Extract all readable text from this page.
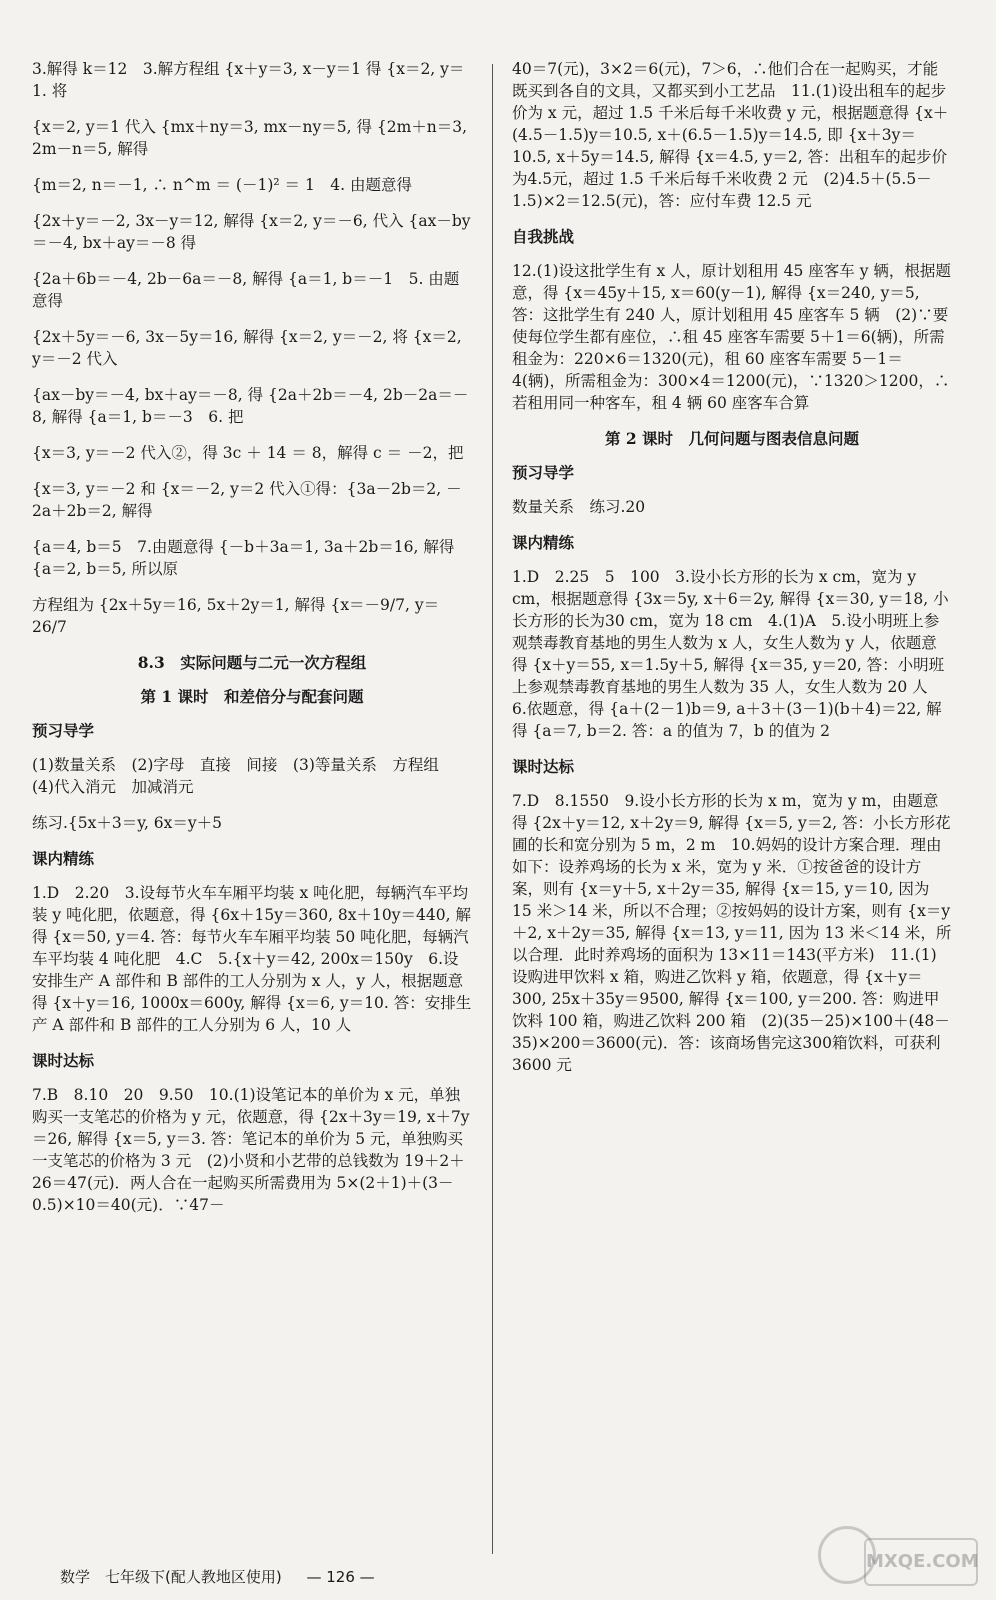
3.解得 k＝12　3.解方程组 {x＋y＝3, x－y＝1 得 {x＝2, y＝1. 将

{x＝2, y＝1 代入 {mx＋ny＝3, mx－ny＝5, 得 {2m＋n＝3, 2m－n＝5, 解得

{m＝2, n＝－1, ∴ n^m ＝ (－1)² ＝ 1　4. 由题意得

{2x＋y＝－2, 3x－y＝12, 解得 {x＝2, y＝－6, 代入 {ax－by＝－4, bx＋ay＝－8 得

{2a＋6b＝－4, 2b－6a＝－8, 解得 {a＝1, b＝－1　5. 由题意得

{2x＋5y＝－6, 3x－5y＝16, 解得 {x＝2, y＝－2, 将 {x＝2, y＝－2 代入

{ax－by＝－4, bx＋ay＝－8, 得 {2a＋2b＝－4, 2b－2a＝－8, 解得 {a＝1, b＝－3　6. 把

{x＝3, y＝－2 代入②，得 3c ＋ 14 ＝ 8，解得 c ＝ －2，把

{x＝3, y＝－2 和 {x＝－2, y＝2 代入①得：{3a－2b＝2, －2a＋2b＝2, 解得

{a＝4, b＝5　7.由题意得 {－b＋3a＝1, 3a＋2b＝16, 解得 {a＝2, b＝5, 所以原

方程组为 {2x＋5y＝16, 5x＋2y＝1, 解得 {x＝－9/7, y＝26/7

8.3　实际问题与二元一次方程组

第 1 课时　和差倍分与配套问题

预习导学

(1)数量关系　(2)字母　直接　间接　(3)等量关系　方程组　(4)代入消元　加减消元

练习.{5x＋3＝y, 6x＝y＋5

课内精练

1.D　2.20　3.设每节火车车厢平均装 x 吨化肥，每辆汽车平均装 y 吨化肥，依题意，得 {6x＋15y＝360, 8x＋10y＝440, 解得 {x＝50, y＝4. 答：每节火车车厢平均装 50 吨化肥，每辆汽车平均装 4 吨化肥　4.C　5.{x＋y＝42, 200x＝150y　6.设安排生产 A 部件和 B 部件的工人分别为 x 人，y 人，根据题意得 {x＋y＝16, 1000x＝600y, 解得 {x＝6, y＝10. 答：安排生产 A 部件和 B 部件的工人分别为 6 人，10 人

课时达标

7.B　8.10　20　9.50　10.(1)设笔记本的单价为 x 元，单独购买一支笔芯的价格为 y 元，依题意，得 {2x＋3y＝19, x＋7y＝26, 解得 {x＝5, y＝3. 答：笔记本的单价为 5 元，单独购买一支笔芯的价格为 3 元　(2)小贤和小艺带的总钱数为 19＋2＋26＝47(元)．两人合在一起购买所需费用为 5×(2＋1)＋(3－0.5)×10＝40(元)．∵47－

40＝7(元)，3×2＝6(元)，7＞6，∴他们合在一起购买，才能既买到各自的文具，又都买到小工艺品　11.(1)设出租车的起步价为 x 元，超过 1.5 千米后每千米收费 y 元，根据题意得 {x＋(4.5－1.5)y＝10.5, x＋(6.5－1.5)y＝14.5, 即 {x＋3y＝10.5, x＋5y＝14.5, 解得 {x＝4.5, y＝2, 答：出租车的起步价为4.5元，超过 1.5 千米后每千米收费 2 元　(2)4.5＋(5.5－1.5)×2＝12.5(元)，答：应付车费 12.5 元

自我挑战

12.(1)设这批学生有 x 人，原计划租用 45 座客车 y 辆，根据题意，得 {x＝45y＋15, x＝60(y－1), 解得 {x＝240, y＝5, 答：这批学生有 240 人，原计划租用 45 座客车 5 辆　(2)∵要使每位学生都有座位，∴租 45 座客车需要 5＋1＝6(辆)，所需租金为：220×6＝1320(元)，租 60 座客车需要 5－1＝4(辆)，所需租金为：300×4＝1200(元)，∵1320＞1200，∴若租用同一种客车，租 4 辆 60 座客车合算

第 2 课时　几何问题与图表信息问题

预习导学

数量关系　练习.20

课内精练

1.D　2.25　5　100　3.设小长方形的长为 x cm，宽为 y cm，根据题意得 {3x＝5y, x＋6＝2y, 解得 {x＝30, y＝18, 小长方形的长为30 cm，宽为 18 cm　4.(1)A　5.设小明班上参观禁毒教育基地的男生人数为 x 人，女生人数为 y 人，依题意得 {x＋y＝55, x＝1.5y＋5, 解得 {x＝35, y＝20, 答：小明班上参观禁毒教育基地的男生人数为 35 人，女生人数为 20 人　6.依题意，得 {a＋(2－1)b＝9, a＋3＋(3－1)(b＋4)＝22, 解得 {a＝7, b＝2. 答：a 的值为 7，b 的值为 2

课时达标

7.D　8.1550　9.设小长方形的长为 x m，宽为 y m，由题意得 {2x＋y＝12, x＋2y＝9, 解得 {x＝5, y＝2, 答：小长方形花圃的长和宽分别为 5 m，2 m　10.妈妈的设计方案合理．理由如下：设养鸡场的长为 x 米，宽为 y 米．①按爸爸的设计方案，则有 {x＝y＋5, x＋2y＝35, 解得 {x＝15, y＝10, 因为 15 米＞14 米，所以不合理；②按妈妈的设计方案，则有 {x＝y＋2, x＋2y＝35, 解得 {x＝13, y＝11, 因为 13 米＜14 米，所以合理．此时养鸡场的面积为 13×11＝143(平方米)　11.(1)设购进甲饮料 x 箱，购进乙饮料 y 箱，依题意，得 {x＋y＝300, 25x＋35y＝9500, 解得 {x＝100, y＝200. 答：购进甲饮料 100 箱，购进乙饮料 200 箱　(2)(35－25)×100＋(48－35)×200＝3600(元)．答：该商场售完这300箱饮料，可获利 3600 元

数学　七年级下(配人教地区使用) — 126 —
MXQE.COM
